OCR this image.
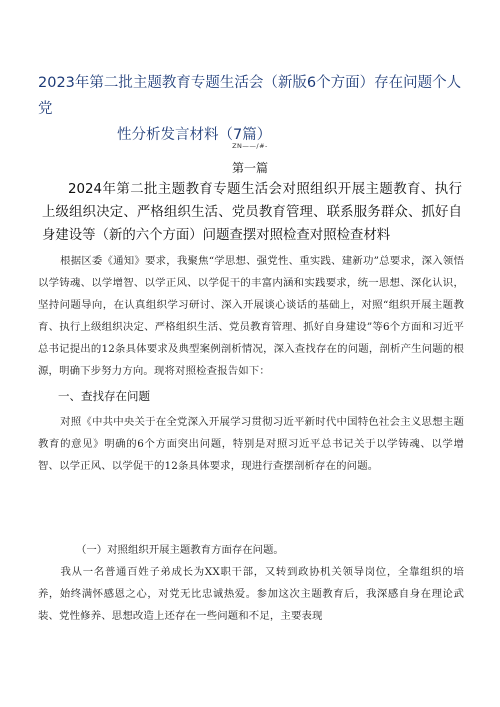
2023年第二批主题教育专题生活会（新版6个方面）存在问题个人党
性分析发言材料（7篇）
ZN——/#-
第一篇
2024年第二批主题教育专题生活会对照组织开展主题教育、执行上级组织决定、严格组织生活、党员教育管理、联系服务群众、抓好自身建设等（新的六个方面）问题查摆对照检查对照检查材料
根据区委《通知》要求，我聚焦“学思想、强党性、重实践、建新功”总要求，深入领悟以学铸魂、以学增智、以学正风、以学促干的丰富内涵和实践要求，统一思想、深化认识，坚持问题导向，在认真组织学习研讨、深入开展谈心谈话的基础上，对照“组织开展主题教育、执行上级组织决定、严格组织生活、党员教育管理、抓好自身建设”等6个方面和习近平总书记提出的12条具体要求及典型案例剖析情况，深入查找存在的问题，剖析产生问题的根源，明确下步努力方向。现将对照检查报告如下：
一、查找存在问题
对照《中共中央关于在全党深入开展学习贯彻习近平新时代中国特色社会主义思想主题教育的意见》明确的6个方面突出问题，特别是对照习近平总书记关于以学铸魂、以学增智、以学正风、以学促干的12条具体要求，现进行查摆剖析存在的问题。
（一）对照组织开展主题教育方面存在问题。
我从一名普通百姓子弟成长为XX职干部，又转到政协机关领导岗位，全靠组织的培养，始终满怀感恩之心，对党无比忠诚热爱。参加这次主题教育后，我深感自身在理论武装、党性修养、思想改造上还存在一些问题和不足，主要表现
